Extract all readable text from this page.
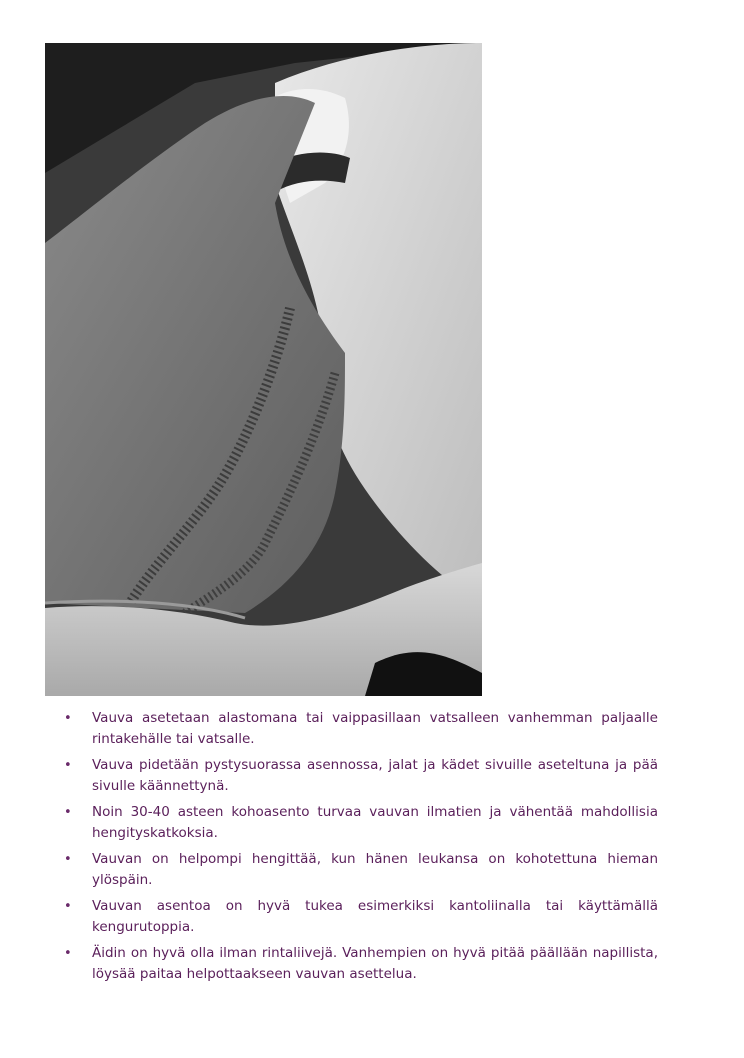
• Vauva asetetaan alastomana tai vaippasillaan vatsalleen vanhemman paljaalle rintakehälle tai vatsalle.
• Vauva pidetään pystysuorassa asennossa, jalat ja kädet sivuille aseteltuna ja pää sivulle käännettynä.
• Noin 30-40 asteen kohoasento turvaa vauvan ilmatien ja vähentää mahdollisia hengityskatkoksia.
• Vauvan on helpompi hengittää, kun hänen leukansa on kohotettuna hieman ylöspäin.
• Vauvan asentoa on hyvä tukea esimerkiksi kantoliinalla tai käyttämällä kengurutoppia.
• Äidin on hyvä olla ilman rintaliivejä. Vanhempien on hyvä pitää päällään napillista, löysää paitaa helpottaakseen vauvan asettelua.
